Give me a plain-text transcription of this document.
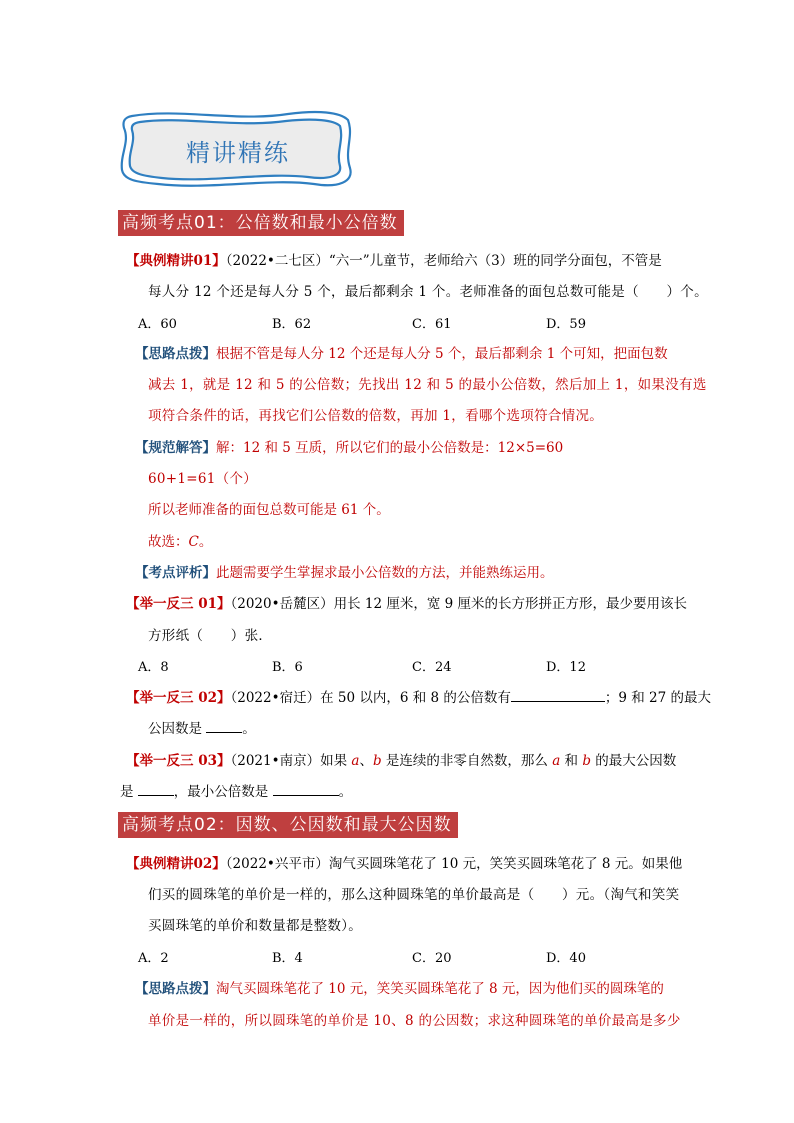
精讲精练
高频考点01：公倍数和最小公倍数
【典例精讲01】（2022•二七区）“六一”儿童节，老师给六（3）班的同学分面包，不管是
每人分 12 个还是每人分 5 个，最后都剩余 1 个。老师准备的面包总数可能是（　　）个。
A．60	B．62	C．61	D．59
【思路点拨】根据不管是每人分 12 个还是每人分 5 个，最后都剩余 1 个可知，把面包数
减去 1，就是 12 和 5 的公倍数；先找出 12 和 5 的最小公倍数，然后加上 1，如果没有选
项符合条件的话，再找它们公倍数的倍数，再加 1，看哪个选项符合情况。
【规范解答】解：12 和 5 互质，所以它们的最小公倍数是：12×5=60
60+1=61（个）
所以老师准备的面包总数可能是 61 个。
故选：C。
【考点评析】此题需要学生掌握求最小公倍数的方法，并能熟练运用。
【举一反三 01】（2020•岳麓区）用长 12 厘米，宽 9 厘米的长方形拼正方形，最少要用该长
方形纸（　　）张．
A．8	B．6	C．24	D．12
【举一反三 02】（2022•宿迁）在 50 以内，6 和 8 的公倍数有	；9 和 27 的最大
公因数是	。
【举一反三 03】（2021•南京）如果 a、b 是连续的非零自然数，那么 a 和 b 的最大公因数
是	，最小公倍数是	。
高频考点02：因数、公因数和最大公因数
【典例精讲02】（2022•兴平市）淘气买圆珠笔花了 10 元，笑笑买圆珠笔花了 8 元。如果他
们买的圆珠笔的单价是一样的，那么这种圆珠笔的单价最高是（　　）元。（淘气和笑笑
买圆珠笔的单价和数量都是整数）。
A．2	B．4	C．20	D．40
【思路点拨】淘气买圆珠笔花了 10 元，笑笑买圆珠笔花了 8 元，因为他们买的圆珠笔的
单价是一样的，所以圆珠笔的单价是 10、8 的公因数；求这种圆珠笔的单价最高是多少
